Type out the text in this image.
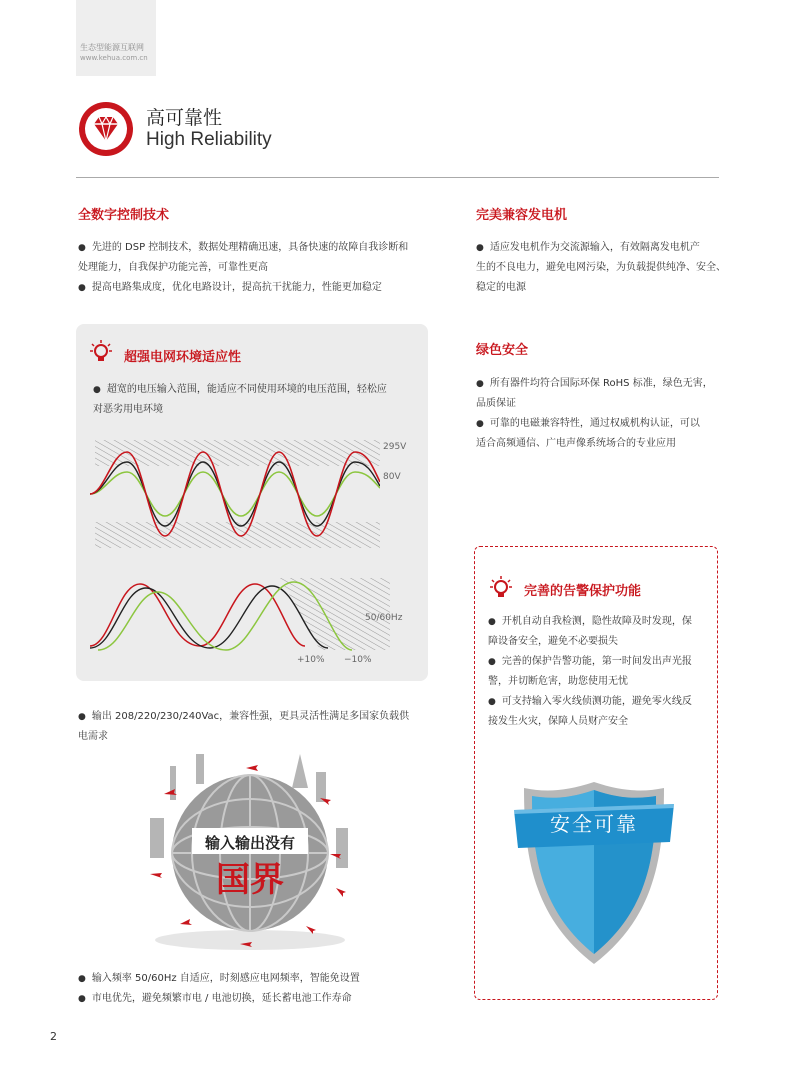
生态型能源互联网
www.kehua.com.cn
高可靠性
High Reliability
全数字控制技术
● 先进的 DSP 控制技术，数据处理精确迅速，具备快速的故障自我诊断和
处理能力，自我保护功能完善，可靠性更高
● 提高电路集成度，优化电路设计，提高抗干扰能力，性能更加稳定
超强电网环境适应性
● 超宽的电压输入范围，能适应不同使用环境的电压范围，轻松应
对恶劣用电环境
295V
80V
50/60Hz
+10% −10%
● 输出 208/220/230/240Vac，兼容性强，更具灵活性满足多国家负载供
电需求
输入输出没有
国界
● 输入频率 50/60Hz 自适应，时刻感应电网频率，智能免设置
● 市电优先，避免频繁市电 / 电池切换，延长蓄电池工作寿命
完美兼容发电机
● 适应发电机作为交流源输入，有效隔离发电机产
生的不良电力，避免电网污染，为负载提供纯净、安全、
稳定的电源
绿色安全
● 所有器件均符合国际环保 RoHS 标准，绿色无害，
品质保证
● 可靠的电磁兼容特性，通过权威机构认证，可以
适合高频通信、广电声像系统场合的专业应用
完善的告警保护功能
● 开机自动自我检测，隐性故障及时发现，保
障设备安全，避免不必要损失
● 完善的保护告警功能，第一时间发出声光报
警，并切断危害，助您使用无忧
● 可支持输入零火线侦测功能，避免零火线反
接发生火灾，保障人员财产安全
安全可靠
2
